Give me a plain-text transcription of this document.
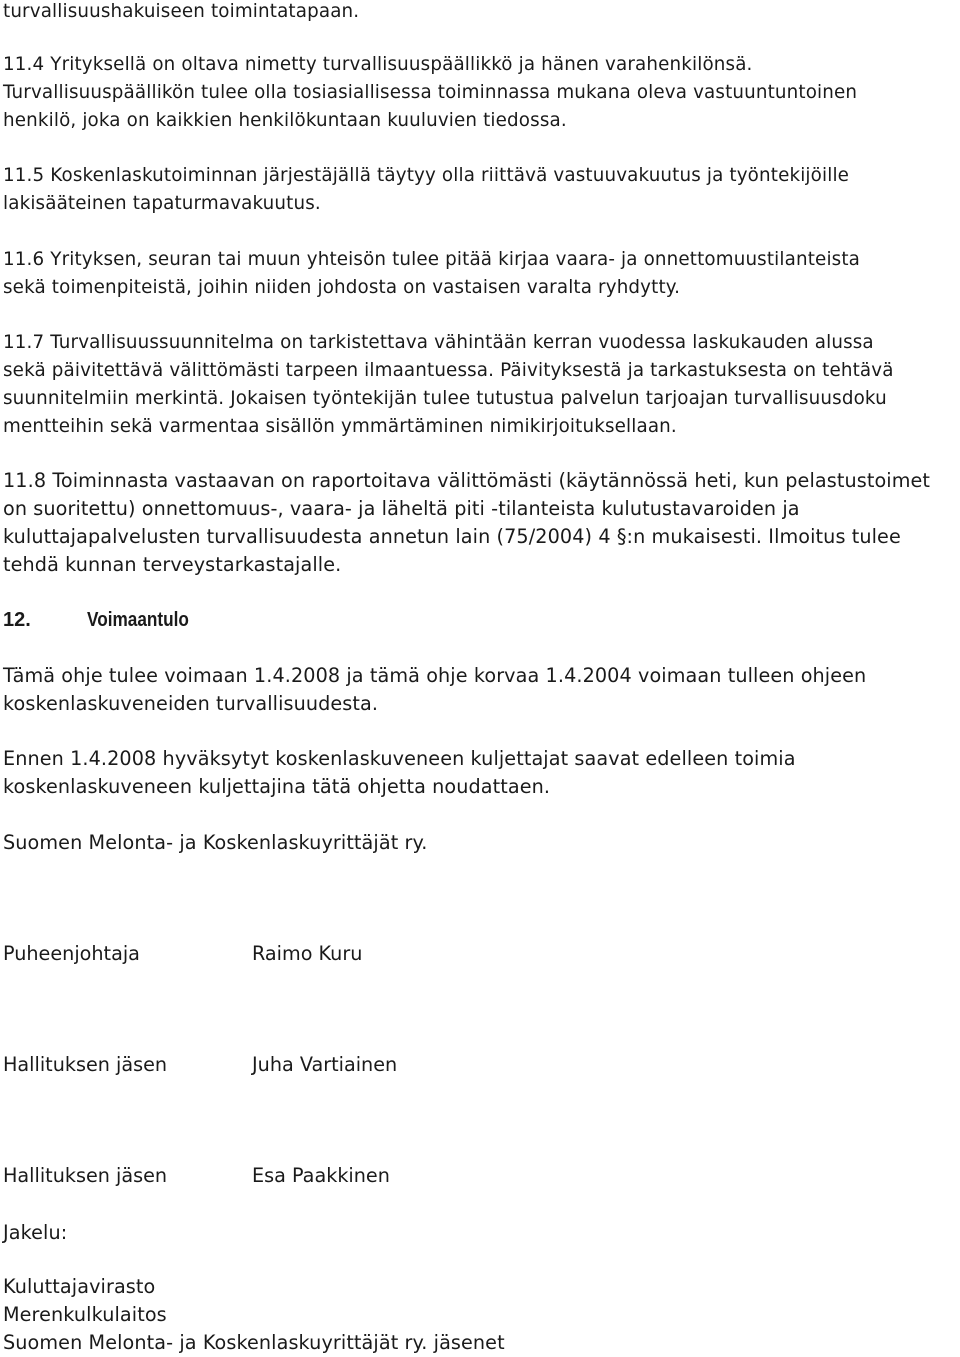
turvallisuushakuiseen toimintatapaan.
11.4 Yrityksellä on oltava nimetty turvallisuuspäällikkö ja hänen varahenkilönsä.
Turvallisuuspäällikön tulee olla tosiasiallisessa toiminnassa mukana oleva vastuuntuntoinen
henkilö, joka on kaikkien henkilökuntaan kuuluvien tiedossa.
11.5 Koskenlaskutoiminnan järjestäjällä täytyy olla riittävä vastuuvakuutus ja työntekijöille
lakisääteinen tapaturmavakuutus.
11.6 Yrityksen, seuran tai muun yhteisön tulee pitää kirjaa vaara- ja onnettomuustilanteista
sekä toimenpiteistä, joihin niiden johdosta on vastaisen varalta ryhdytty.
11.7 Turvallisuussuunnitelma on tarkistettava vähintään kerran vuodessa laskukauden alussa
sekä päivitettävä välittömästi tarpeen ilmaantuessa. Päivityksestä ja tarkastuksesta on tehtävä
suunnitelmiin merkintä. Jokaisen työntekijän tulee tutustua palvelun tarjoajan turvallisuusdoku
mentteihin sekä varmentaa sisällön ymmärtäminen nimikirjoituksellaan.
11.8 Toiminnasta vastaavan on raportoitava välittömästi (käytännössä heti, kun pelastustoimet
on suoritettu) onnettomuus-, vaara- ja läheltä piti -tilanteista kulutustavaroiden ja
kuluttajapalvelusten turvallisuudesta annetun lain (75/2004) 4 §:n mukaisesti. Ilmoitus tulee
tehdä kunnan terveystarkastajalle.
12.	Voimaantulo
Tämä ohje tulee voimaan 1.4.2008 ja tämä ohje korvaa 1.4.2004 voimaan tulleen ohjeen
koskenlaskuveneiden turvallisuudesta.
Ennen 1.4.2008 hyväksytyt koskenlaskuveneen kuljettajat saavat edelleen toimia
koskenlaskuveneen kuljettajina tätä ohjetta noudattaen.
Suomen Melonta- ja Koskenlaskuyrittäjät ry.
Puheenjohtaja	Raimo Kuru
Hallituksen jäsen	Juha Vartiainen
Hallituksen jäsen	Esa Paakkinen
Jakelu:
Kuluttajavirasto
Merenkulkulaitos
Suomen Melonta- ja Koskenlaskuyrittäjät ry. jäsenet
